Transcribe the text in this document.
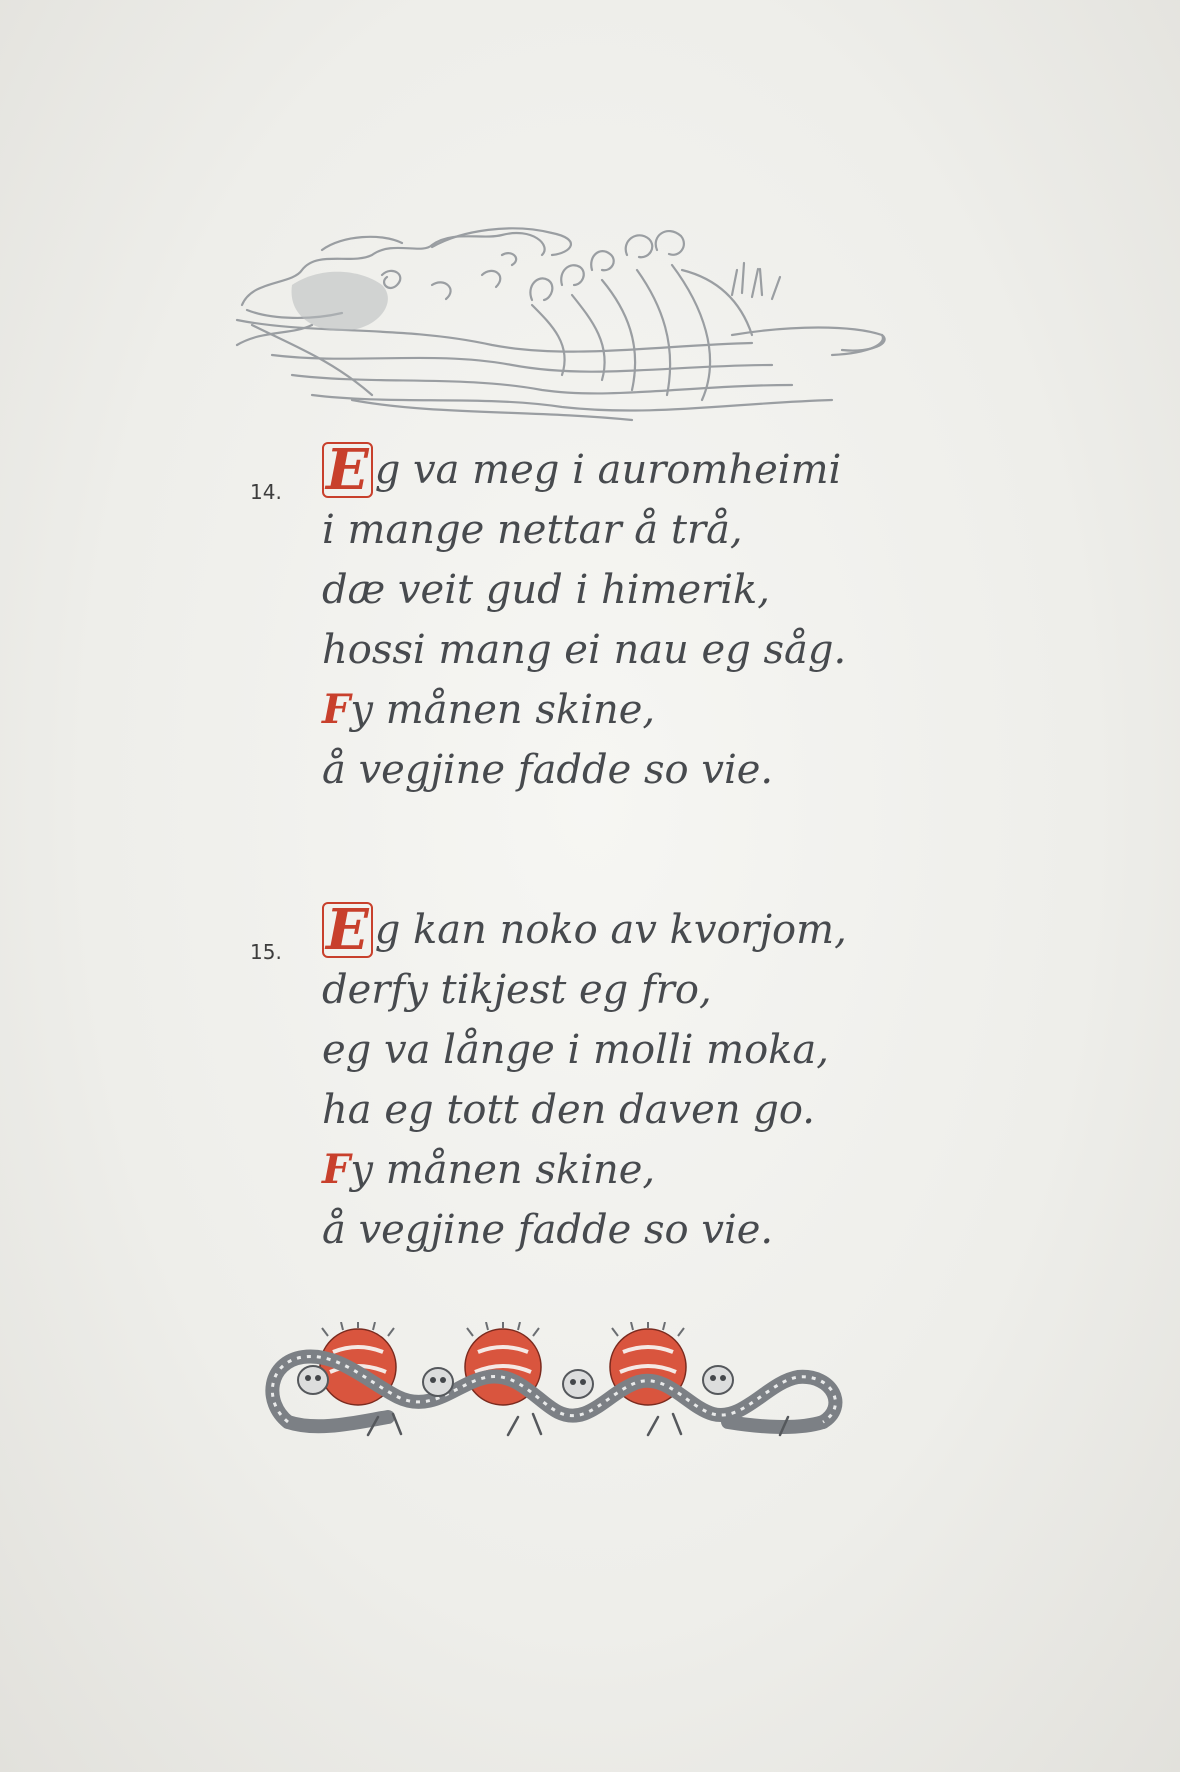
14. E g va meg i auromheimi
i mange nettar å trå,
dæ veit gud i himerik,
hossi mang ei nau eg såg.
Fy månen skine,
å vegjine fadde so vie.
15. E g kan noko av kvorjom,
derfy tikjest eg fro,
eg va långe i molli moka,
ha eg tott den daven go.
Fy månen skine,
å vegjine fadde so vie.
